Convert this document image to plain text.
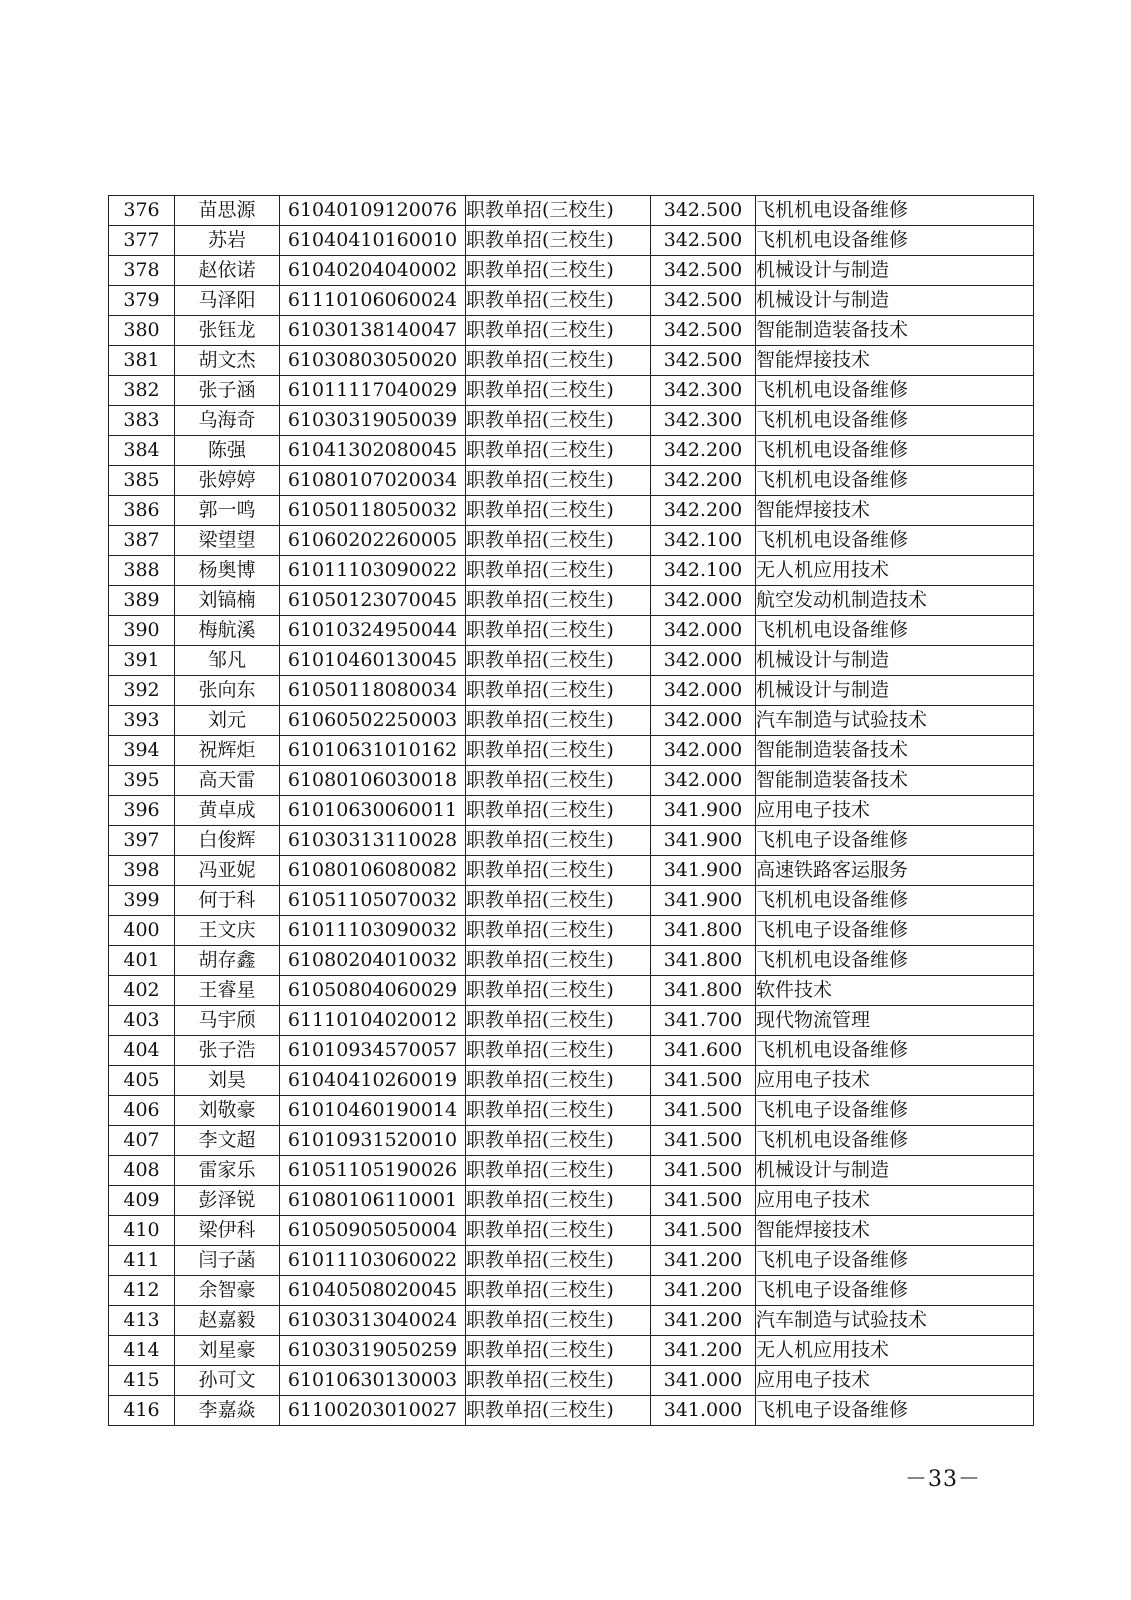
376	苗思源	61040109120076	职教单招(三校生)	342.500	飞机机电设备维修
377	苏岩	61040410160010	职教单招(三校生)	342.500	飞机机电设备维修
378	赵依诺	61040204040002	职教单招(三校生)	342.500	机械设计与制造
379	马泽阳	61110106060024	职教单招(三校生)	342.500	机械设计与制造
380	张钰龙	61030138140047	职教单招(三校生)	342.500	智能制造装备技术
381	胡文杰	61030803050020	职教单招(三校生)	342.500	智能焊接技术
382	张子涵	61011117040029	职教单招(三校生)	342.300	飞机机电设备维修
383	乌海奇	61030319050039	职教单招(三校生)	342.300	飞机机电设备维修
384	陈强	61041302080045	职教单招(三校生)	342.200	飞机机电设备维修
385	张婷婷	61080107020034	职教单招(三校生)	342.200	飞机机电设备维修
386	郭一鸣	61050118050032	职教单招(三校生)	342.200	智能焊接技术
387	梁望望	61060202260005	职教单招(三校生)	342.100	飞机机电设备维修
388	杨奥博	61011103090022	职教单招(三校生)	342.100	无人机应用技术
389	刘镐楠	61050123070045	职教单招(三校生)	342.000	航空发动机制造技术
390	梅航溪	61010324950044	职教单招(三校生)	342.000	飞机机电设备维修
391	邹凡	61010460130045	职教单招(三校生)	342.000	机械设计与制造
392	张向东	61050118080034	职教单招(三校生)	342.000	机械设计与制造
393	刘元	61060502250003	职教单招(三校生)	342.000	汽车制造与试验技术
394	祝辉炬	61010631010162	职教单招(三校生)	342.000	智能制造装备技术
395	高天雷	61080106030018	职教单招(三校生)	342.000	智能制造装备技术
396	黄卓成	61010630060011	职教单招(三校生)	341.900	应用电子技术
397	白俊辉	61030313110028	职教单招(三校生)	341.900	飞机电子设备维修
398	冯亚妮	61080106080082	职教单招(三校生)	341.900	高速铁路客运服务
399	何于科	61051105070032	职教单招(三校生)	341.900	飞机机电设备维修
400	王文庆	61011103090032	职教单招(三校生)	341.800	飞机电子设备维修
401	胡存鑫	61080204010032	职教单招(三校生)	341.800	飞机机电设备维修
402	王睿星	61050804060029	职教单招(三校生)	341.800	软件技术
403	马宇颀	61110104020012	职教单招(三校生)	341.700	现代物流管理
404	张子浩	61010934570057	职教单招(三校生)	341.600	飞机机电设备维修
405	刘昊	61040410260019	职教单招(三校生)	341.500	应用电子技术
406	刘敬豪	61010460190014	职教单招(三校生)	341.500	飞机电子设备维修
407	李文超	61010931520010	职教单招(三校生)	341.500	飞机机电设备维修
408	雷家乐	61051105190026	职教单招(三校生)	341.500	机械设计与制造
409	彭泽锐	61080106110001	职教单招(三校生)	341.500	应用电子技术
410	梁伊科	61050905050004	职教单招(三校生)	341.500	智能焊接技术
411	闫子菡	61011103060022	职教单招(三校生)	341.200	飞机电子设备维修
412	余智豪	61040508020045	职教单招(三校生)	341.200	飞机电子设备维修
413	赵嘉毅	61030313040024	职教单招(三校生)	341.200	汽车制造与试验技术
414	刘星豪	61030319050259	职教单招(三校生)	341.200	无人机应用技术
415	孙可文	61010630130003	职教单招(三校生)	341.000	应用电子技术
416	李嘉焱	61100203010027	职教单招(三校生)	341.000	飞机电子设备维修
－33－
